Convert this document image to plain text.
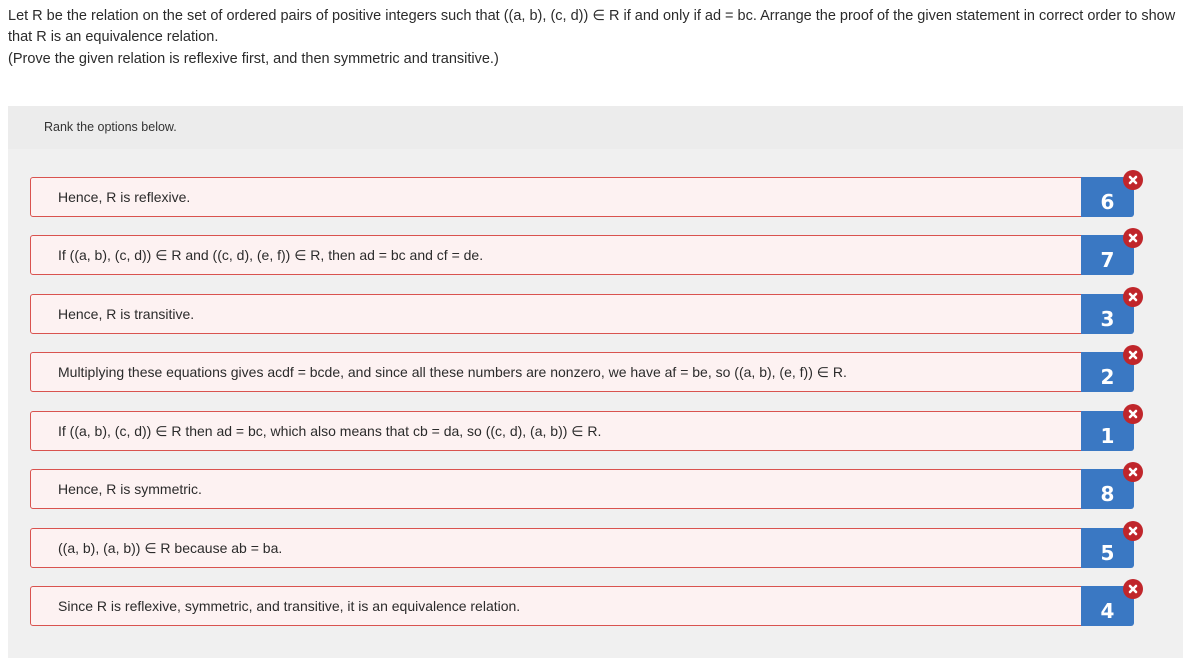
Let R be the relation on the set of ordered pairs of positive integers such that ((a, b), (c, d)) ∈ R if and only if ad = bc. Arrange the proof of the given statement in correct order to show that R is an equivalence relation.

(Prove the given relation is reflexive first, and then symmetric and transitive.)

Rank the options below.
Hence, R is reflexive.	6
If ((a, b), (c, d)) ∈ R and ((c, d), (e, f)) ∈ R, then ad = bc and cf = de.	7
Hence, R is transitive.	3
Multiplying these equations gives acdf = bcde, and since all these numbers are nonzero, we have af = be, so ((a, b), (e, f)) ∈ R.	2
If ((a, b), (c, d)) ∈ R then ad = bc, which also means that cb = da, so ((c, d), (a, b)) ∈ R.	1
Hence, R is symmetric.	8
((a, b), (a, b)) ∈ R because ab = ba.	5
Since R is reflexive, symmetric, and transitive, it is an equivalence relation.	4
